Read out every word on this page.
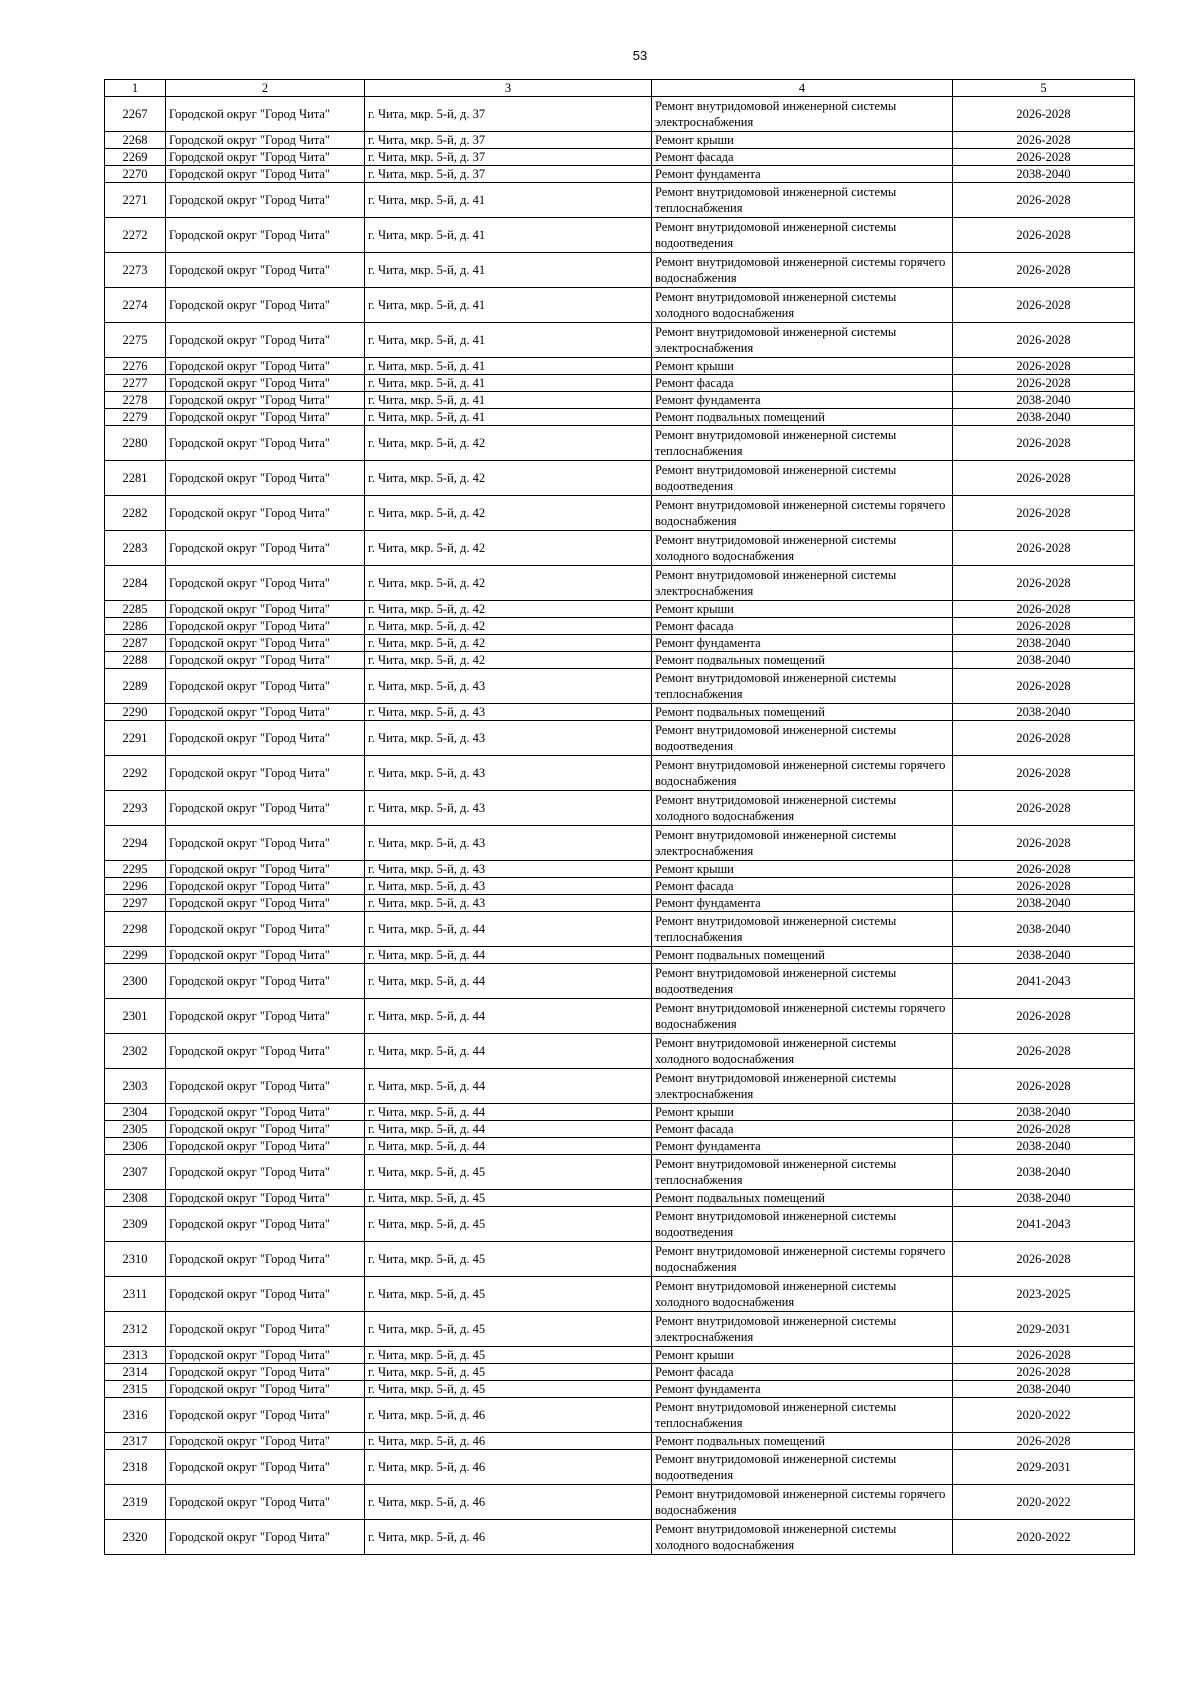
53
1	2	3	4	5
2267	Городской округ "Город Чита"	г. Чита, мкр. 5-й, д. 37	Ремонт внутридомовой инженерной системы электроснабжения	2026-2028
2268	Городской округ "Город Чита"	г. Чита, мкр. 5-й, д. 37	Ремонт крыши	2026-2028
2269	Городской округ "Город Чита"	г. Чита, мкр. 5-й, д. 37	Ремонт фасада	2026-2028
2270	Городской округ "Город Чита"	г. Чита, мкр. 5-й, д. 37	Ремонт фундамента	2038-2040
2271	Городской округ "Город Чита"	г. Чита, мкр. 5-й, д. 41	Ремонт внутридомовой инженерной системы теплоснабжения	2026-2028
2272	Городской округ "Город Чита"	г. Чита, мкр. 5-й, д. 41	Ремонт внутридомовой инженерной системы водоотведения	2026-2028
2273	Городской округ "Город Чита"	г. Чита, мкр. 5-й, д. 41	Ремонт внутридомовой инженерной системы горячего водоснабжения	2026-2028
2274	Городской округ "Город Чита"	г. Чита, мкр. 5-й, д. 41	Ремонт внутридомовой инженерной системы холодного водоснабжения	2026-2028
2275	Городской округ "Город Чита"	г. Чита, мкр. 5-й, д. 41	Ремонт внутридомовой инженерной системы электроснабжения	2026-2028
2276	Городской округ "Город Чита"	г. Чита, мкр. 5-й, д. 41	Ремонт крыши	2026-2028
2277	Городской округ "Город Чита"	г. Чита, мкр. 5-й, д. 41	Ремонт фасада	2026-2028
2278	Городской округ "Город Чита"	г. Чита, мкр. 5-й, д. 41	Ремонт фундамента	2038-2040
2279	Городской округ "Город Чита"	г. Чита, мкр. 5-й, д. 41	Ремонт подвальных помещений	2038-2040
2280	Городской округ "Город Чита"	г. Чита, мкр. 5-й, д. 42	Ремонт внутридомовой инженерной системы теплоснабжения	2026-2028
2281	Городской округ "Город Чита"	г. Чита, мкр. 5-й, д. 42	Ремонт внутридомовой инженерной системы водоотведения	2026-2028
2282	Городской округ "Город Чита"	г. Чита, мкр. 5-й, д. 42	Ремонт внутридомовой инженерной системы горячего водоснабжения	2026-2028
2283	Городской округ "Город Чита"	г. Чита, мкр. 5-й, д. 42	Ремонт внутридомовой инженерной системы холодного водоснабжения	2026-2028
2284	Городской округ "Город Чита"	г. Чита, мкр. 5-й, д. 42	Ремонт внутридомовой инженерной системы электроснабжения	2026-2028
2285	Городской округ "Город Чита"	г. Чита, мкр. 5-й, д. 42	Ремонт крыши	2026-2028
2286	Городской округ "Город Чита"	г. Чита, мкр. 5-й, д. 42	Ремонт фасада	2026-2028
2287	Городской округ "Город Чита"	г. Чита, мкр. 5-й, д. 42	Ремонт фундамента	2038-2040
2288	Городской округ "Город Чита"	г. Чита, мкр. 5-й, д. 42	Ремонт подвальных помещений	2038-2040
2289	Городской округ "Город Чита"	г. Чита, мкр. 5-й, д. 43	Ремонт внутридомовой инженерной системы теплоснабжения	2026-2028
2290	Городской округ "Город Чита"	г. Чита, мкр. 5-й, д. 43	Ремонт подвальных помещений	2038-2040
2291	Городской округ "Город Чита"	г. Чита, мкр. 5-й, д. 43	Ремонт внутридомовой инженерной системы водоотведения	2026-2028
2292	Городской округ "Город Чита"	г. Чита, мкр. 5-й, д. 43	Ремонт внутридомовой инженерной системы горячего водоснабжения	2026-2028
2293	Городской округ "Город Чита"	г. Чита, мкр. 5-й, д. 43	Ремонт внутридомовой инженерной системы холодного водоснабжения	2026-2028
2294	Городской округ "Город Чита"	г. Чита, мкр. 5-й, д. 43	Ремонт внутридомовой инженерной системы электроснабжения	2026-2028
2295	Городской округ "Город Чита"	г. Чита, мкр. 5-й, д. 43	Ремонт крыши	2026-2028
2296	Городской округ "Город Чита"	г. Чита, мкр. 5-й, д. 43	Ремонт фасада	2026-2028
2297	Городской округ "Город Чита"	г. Чита, мкр. 5-й, д. 43	Ремонт фундамента	2038-2040
2298	Городской округ "Город Чита"	г. Чита, мкр. 5-й, д. 44	Ремонт внутридомовой инженерной системы теплоснабжения	2038-2040
2299	Городской округ "Город Чита"	г. Чита, мкр. 5-й, д. 44	Ремонт подвальных помещений	2038-2040
2300	Городской округ "Город Чита"	г. Чита, мкр. 5-й, д. 44	Ремонт внутридомовой инженерной системы водоотведения	2041-2043
2301	Городской округ "Город Чита"	г. Чита, мкр. 5-й, д. 44	Ремонт внутридомовой инженерной системы горячего водоснабжения	2026-2028
2302	Городской округ "Город Чита"	г. Чита, мкр. 5-й, д. 44	Ремонт внутридомовой инженерной системы холодного водоснабжения	2026-2028
2303	Городской округ "Город Чита"	г. Чита, мкр. 5-й, д. 44	Ремонт внутридомовой инженерной системы электроснабжения	2026-2028
2304	Городской округ "Город Чита"	г. Чита, мкр. 5-й, д. 44	Ремонт крыши	2038-2040
2305	Городской округ "Город Чита"	г. Чита, мкр. 5-й, д. 44	Ремонт фасада	2026-2028
2306	Городской округ "Город Чита"	г. Чита, мкр. 5-й, д. 44	Ремонт фундамента	2038-2040
2307	Городской округ "Город Чита"	г. Чита, мкр. 5-й, д. 45	Ремонт внутридомовой инженерной системы теплоснабжения	2038-2040
2308	Городской округ "Город Чита"	г. Чита, мкр. 5-й, д. 45	Ремонт подвальных помещений	2038-2040
2309	Городской округ "Город Чита"	г. Чита, мкр. 5-й, д. 45	Ремонт внутридомовой инженерной системы водоотведения	2041-2043
2310	Городской округ "Город Чита"	г. Чита, мкр. 5-й, д. 45	Ремонт внутридомовой инженерной системы горячего водоснабжения	2026-2028
2311	Городской округ "Город Чита"	г. Чита, мкр. 5-й, д. 45	Ремонт внутридомовой инженерной системы холодного водоснабжения	2023-2025
2312	Городской округ "Город Чита"	г. Чита, мкр. 5-й, д. 45	Ремонт внутридомовой инженерной системы электроснабжения	2029-2031
2313	Городской округ "Город Чита"	г. Чита, мкр. 5-й, д. 45	Ремонт крыши	2026-2028
2314	Городской округ "Город Чита"	г. Чита, мкр. 5-й, д. 45	Ремонт фасада	2026-2028
2315	Городской округ "Город Чита"	г. Чита, мкр. 5-й, д. 45	Ремонт фундамента	2038-2040
2316	Городской округ "Город Чита"	г. Чита, мкр. 5-й, д. 46	Ремонт внутридомовой инженерной системы теплоснабжения	2020-2022
2317	Городской округ "Город Чита"	г. Чита, мкр. 5-й, д. 46	Ремонт подвальных помещений	2026-2028
2318	Городской округ "Город Чита"	г. Чита, мкр. 5-й, д. 46	Ремонт внутридомовой инженерной системы водоотведения	2029-2031
2319	Городской округ "Город Чита"	г. Чита, мкр. 5-й, д. 46	Ремонт внутридомовой инженерной системы горячего водоснабжения	2020-2022
2320	Городской округ "Город Чита"	г. Чита, мкр. 5-й, д. 46	Ремонт внутридомовой инженерной системы холодного водоснабжения	2020-2022
